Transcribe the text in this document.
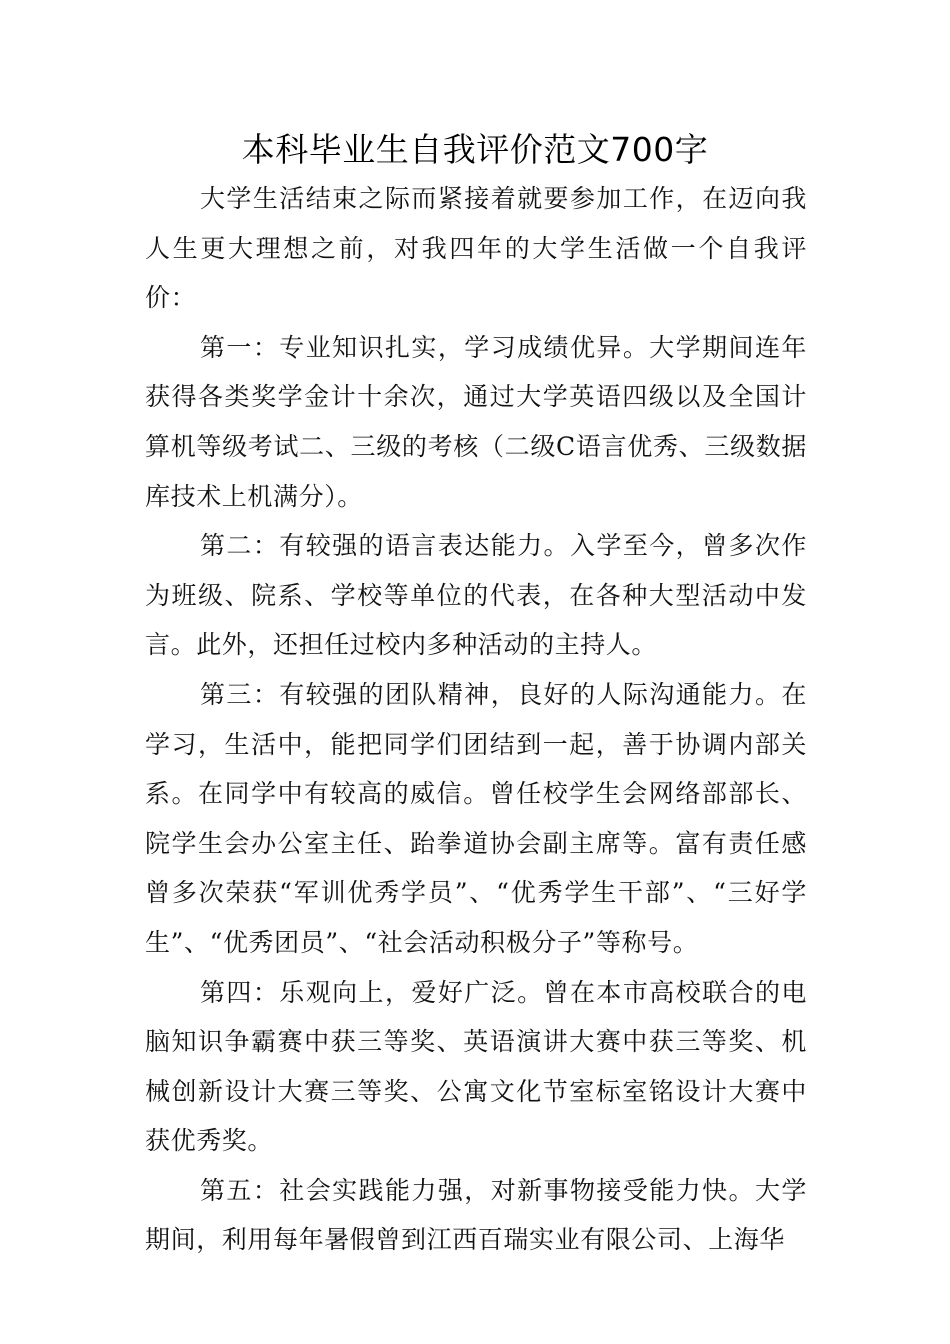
本科毕业生自我评价范文700字

大学生活结束之际而紧接着就要参加工作，在迈向我人生更大理想之前，对我四年的大学生活做一个自我评价：

第一：专业知识扎实，学习成绩优异。大学期间连年获得各类奖学金计十余次，通过大学英语四级以及全国计算机等级考试二、三级的考核（二级C语言优秀、三级数据库技术上机满分）。

第二：有较强的语言表达能力。入学至今，曾多次作为班级、院系、学校等单位的代表，在各种大型活动中发言。此外，还担任过校内多种活动的主持人。

第三：有较强的团队精神，良好的人际沟通能力。在学习，生活中，能把同学们团结到一起，善于协调内部关系。在同学中有较高的威信。曾任校学生会网络部部长、院学生会办公室主任、跆拳道协会副主席等。富有责任感曾多次荣获“军训优秀学员”、“优秀学生干部”、“三好学生”、“优秀团员”、“社会活动积极分子”等称号。

第四：乐观向上，爱好广泛。曾在本市高校联合的电脑知识争霸赛中获三等奖、英语演讲大赛中获三等奖、机械创新设计大赛三等奖、公寓文化节室标室铭设计大赛中获优秀奖。

第五：社会实践能力强，对新事物接受能力快。大学期间，利用每年暑假曾到江西百瑞实业有限公司、上海华
